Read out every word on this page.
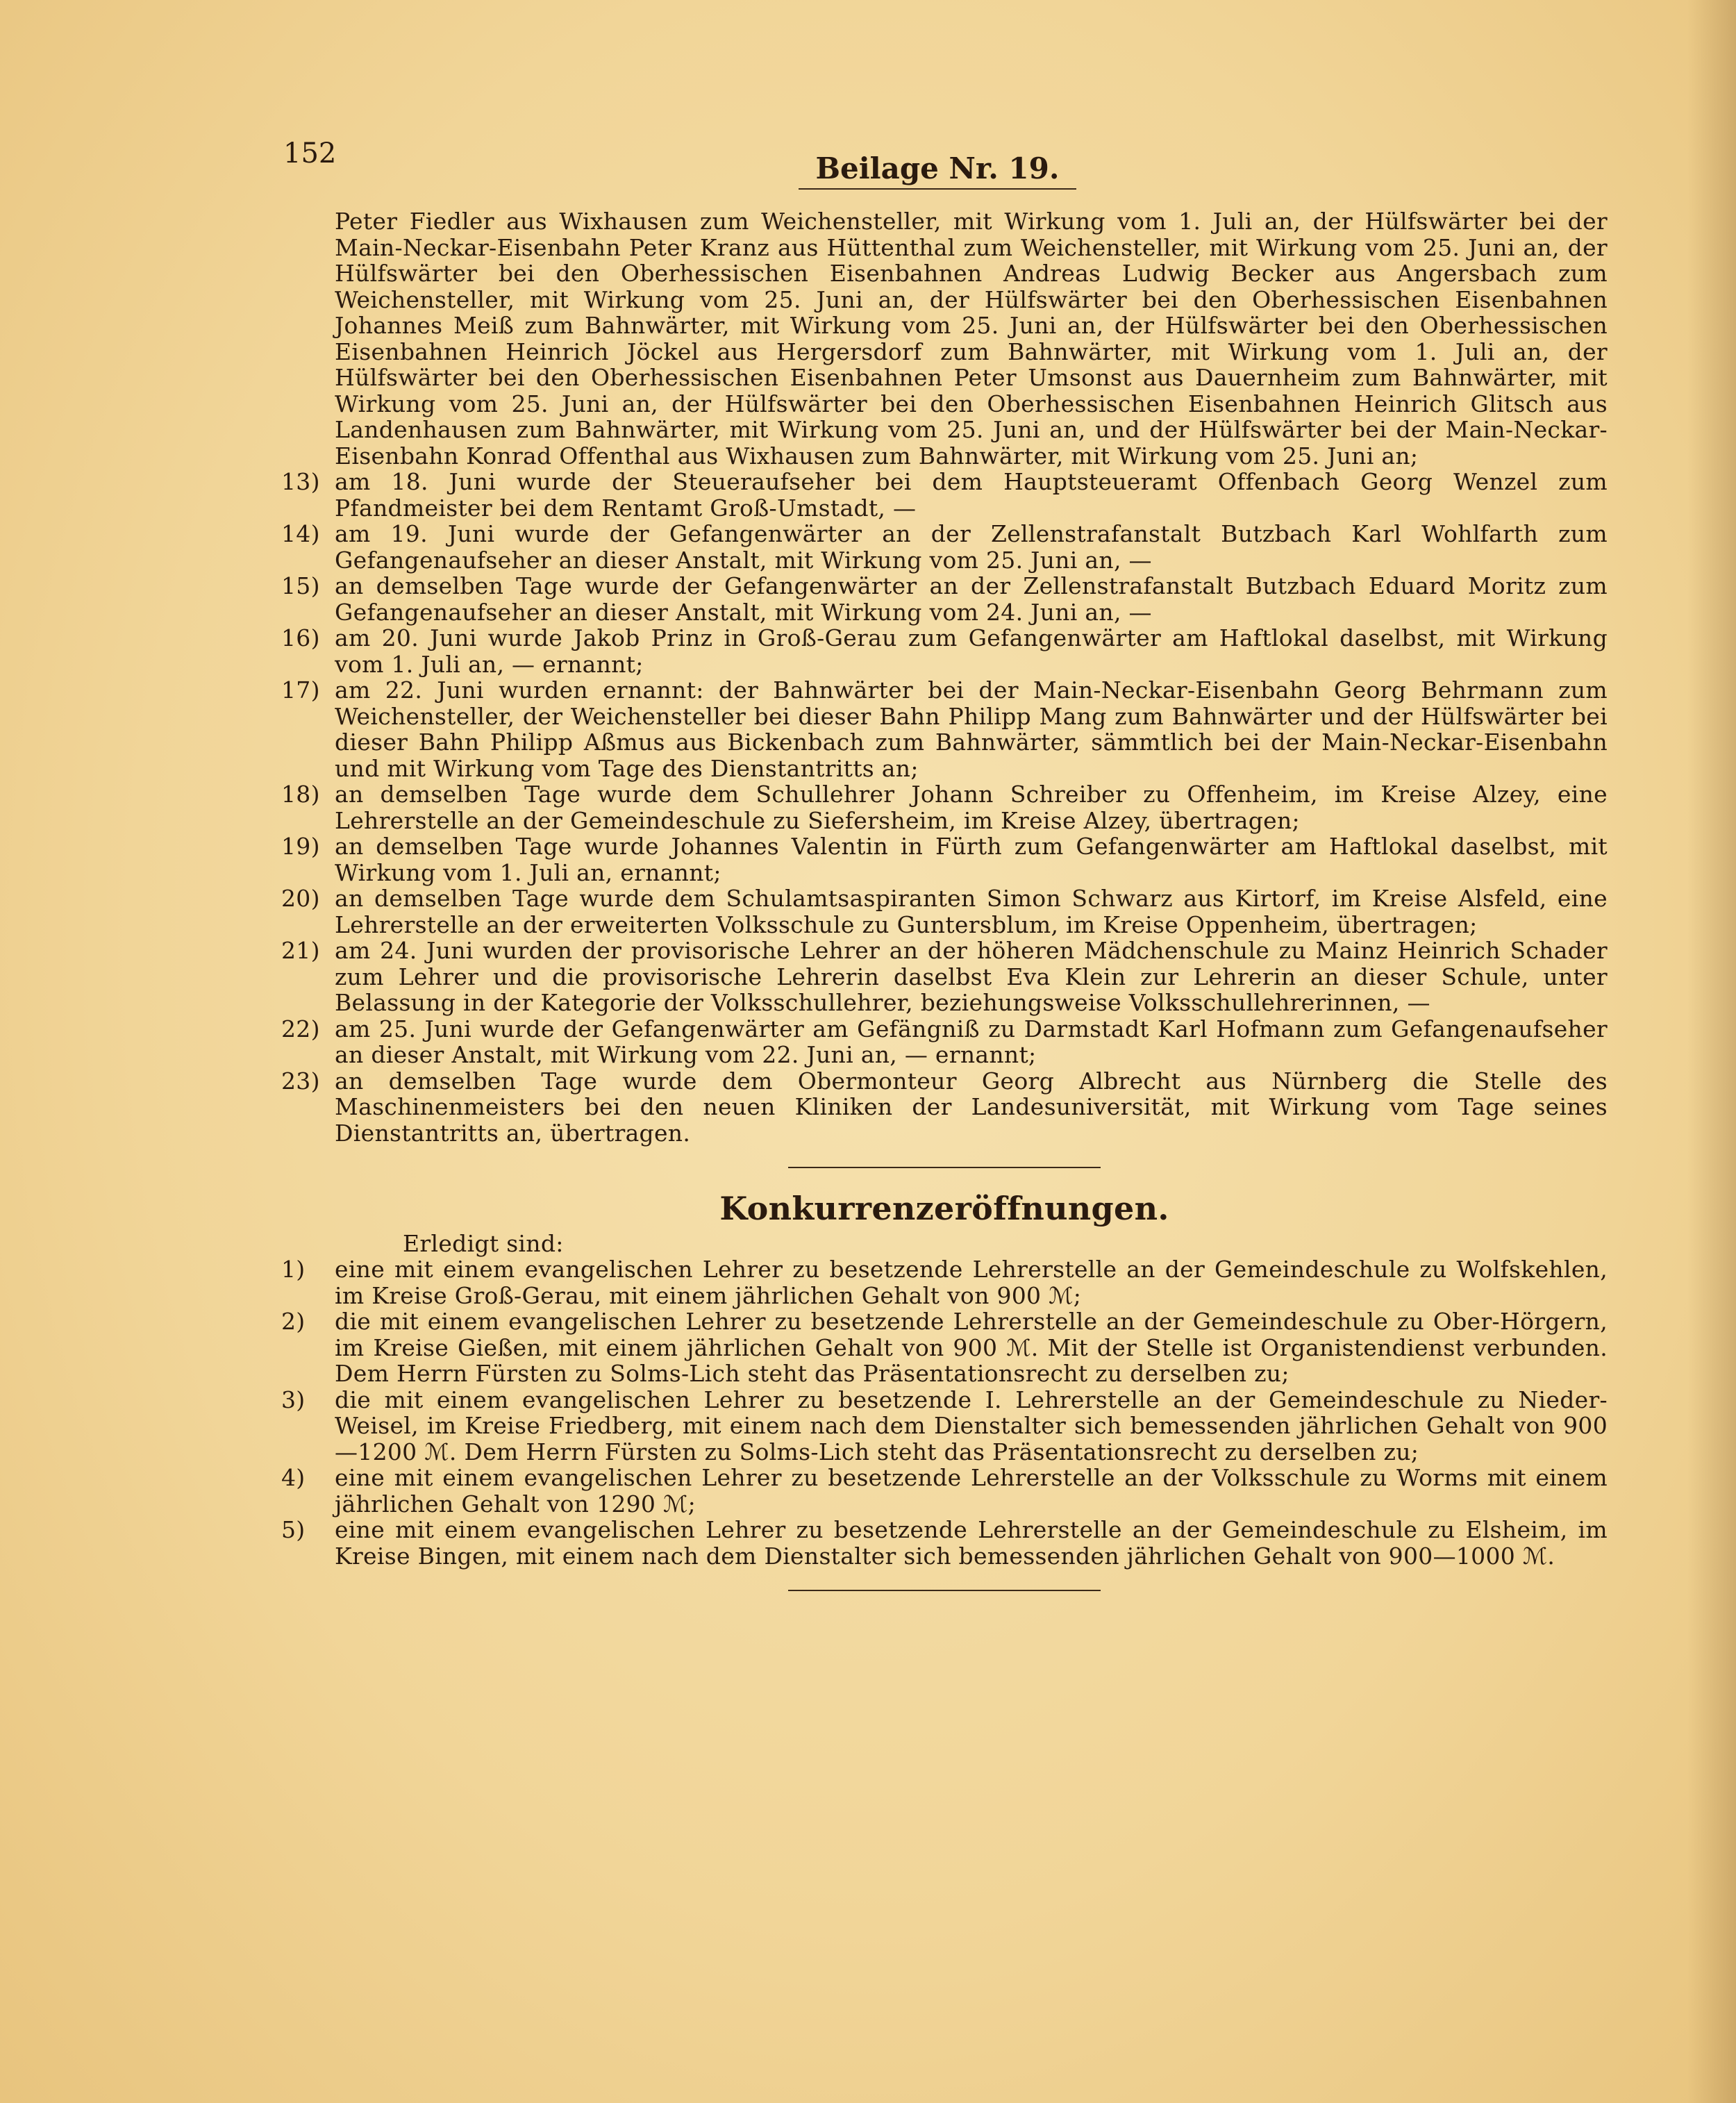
152	Beilage Nr. 19.

Peter Fiedler aus Wixhausen zum Weichensteller, mit Wirkung vom 1. Juli an, der Hülfswärter bei der Main-Neckar-Eisenbahn Peter Kranz aus Hüttenthal zum Weichensteller, mit Wirkung vom 25. Juni an, der Hülfswärter bei den Oberhessischen Eisenbahnen Andreas Ludwig Becker aus Angersbach zum Weichensteller, mit Wirkung vom 25. Juni an, der Hülfswärter bei den Oberhessischen Eisenbahnen Johannes Meiß zum Bahnwärter, mit Wirkung vom 25. Juni an, der Hülfswärter bei den Oberhessischen Eisenbahnen Heinrich Jöckel aus Hergersdorf zum Bahnwärter, mit Wirkung vom 1. Juli an, der Hülfswärter bei den Oberhessischen Eisenbahnen Peter Umsonst aus Dauernheim zum Bahnwärter, mit Wirkung vom 25. Juni an, der Hülfswärter bei den Oberhessischen Eisenbahnen Heinrich Glitsch aus Landenhausen zum Bahnwärter, mit Wirkung vom 25. Juni an, und der Hülfswärter bei der Main-Neckar-Eisenbahn Konrad Offenthal aus Wixhausen zum Bahnwärter, mit Wirkung vom 25. Juni an;

13) am 18. Juni wurde der Steueraufseher bei dem Hauptsteueramt Offenbach Georg Wenzel zum Pfandmeister bei dem Rentamt Groß-Umstadt, —
14) am 19. Juni wurde der Gefangenwärter an der Zellenstrafanstalt Butzbach Karl Wohlfarth zum Gefangenaufseher an dieser Anstalt, mit Wirkung vom 25. Juni an, —
15) an demselben Tage wurde der Gefangenwärter an der Zellenstrafanstalt Butzbach Eduard Moritz zum Gefangenaufseher an dieser Anstalt, mit Wirkung vom 24. Juni an, —
16) am 20. Juni wurde Jakob Prinz in Groß-Gerau zum Gefangenwärter am Haftlokal daselbst, mit Wirkung vom 1. Juli an, — ernannt;
17) am 22. Juni wurden ernannt: der Bahnwärter bei der Main-Neckar-Eisenbahn Georg Behrmann zum Weichensteller, der Weichensteller bei dieser Bahn Philipp Mang zum Bahnwärter und der Hülfswärter bei dieser Bahn Philipp Aßmus aus Bickenbach zum Bahnwärter, sämmtlich bei der Main-Neckar-Eisenbahn und mit Wirkung vom Tage des Dienstantritts an;
18) an demselben Tage wurde dem Schullehrer Johann Schreiber zu Offenheim, im Kreise Alzey, eine Lehrerstelle an der Gemeindeschule zu Siefersheim, im Kreise Alzey, übertragen;
19) an demselben Tage wurde Johannes Valentin in Fürth zum Gefangenwärter am Haftlokal daselbst, mit Wirkung vom 1. Juli an, ernannt;
20) an demselben Tage wurde dem Schulamtsaspiranten Simon Schwarz aus Kirtorf, im Kreise Alsfeld, eine Lehrerstelle an der erweiterten Volksschule zu Guntersblum, im Kreise Oppenheim, übertragen;
21) am 24. Juni wurden der provisorische Lehrer an der höheren Mädchenschule zu Mainz Heinrich Schader zum Lehrer und die provisorische Lehrerin daselbst Eva Klein zur Lehrerin an dieser Schule, unter Belassung in der Kategorie der Volksschullehrer, beziehungsweise Volksschullehrerinnen, —
22) am 25. Juni wurde der Gefangenwärter am Gefängniß zu Darmstadt Karl Hofmann zum Gefangenaufseher an dieser Anstalt, mit Wirkung vom 22. Juni an, — ernannt;
23) an demselben Tage wurde dem Obermonteur Georg Albrecht aus Nürnberg die Stelle des Maschinenmeisters bei den neuen Kliniken der Landesuniversität, mit Wirkung vom Tage seines Dienstantritts an, übertragen.
Konkurrenzeröffnungen.
Erledigt sind:
1)	eine mit einem evangelischen Lehrer zu besetzende Lehrerstelle an der Gemeindeschule zu Wolfskehlen, im Kreise Groß-Gerau, mit einem jährlichen Gehalt von 900 ℳ;
2)	die mit einem evangelischen Lehrer zu besetzende Lehrerstelle an der Gemeindeschule zu Ober-Hörgern, im Kreise Gießen, mit einem jährlichen Gehalt von 900 ℳ. Mit der Stelle ist Organistendienst verbunden. Dem Herrn Fürsten zu Solms-Lich steht das Präsentationsrecht zu derselben zu;
3)	die mit einem evangelischen Lehrer zu besetzende I. Lehrerstelle an der Gemeindeschule zu Nieder-Weisel, im Kreise Friedberg, mit einem nach dem Dienstalter sich bemessenden jährlichen Gehalt von 900—1200 ℳ. Dem Herrn Fürsten zu Solms-Lich steht das Präsentationsrecht zu derselben zu;
4)	eine mit einem evangelischen Lehrer zu besetzende Lehrerstelle an der Volksschule zu Worms mit einem jährlichen Gehalt von 1290 ℳ;
5)	eine mit einem evangelischen Lehrer zu besetzende Lehrerstelle an der Gemeindeschule zu Elsheim, im Kreise Bingen, mit einem nach dem Dienstalter sich bemessenden jährlichen Gehalt von 900—1000 ℳ.
